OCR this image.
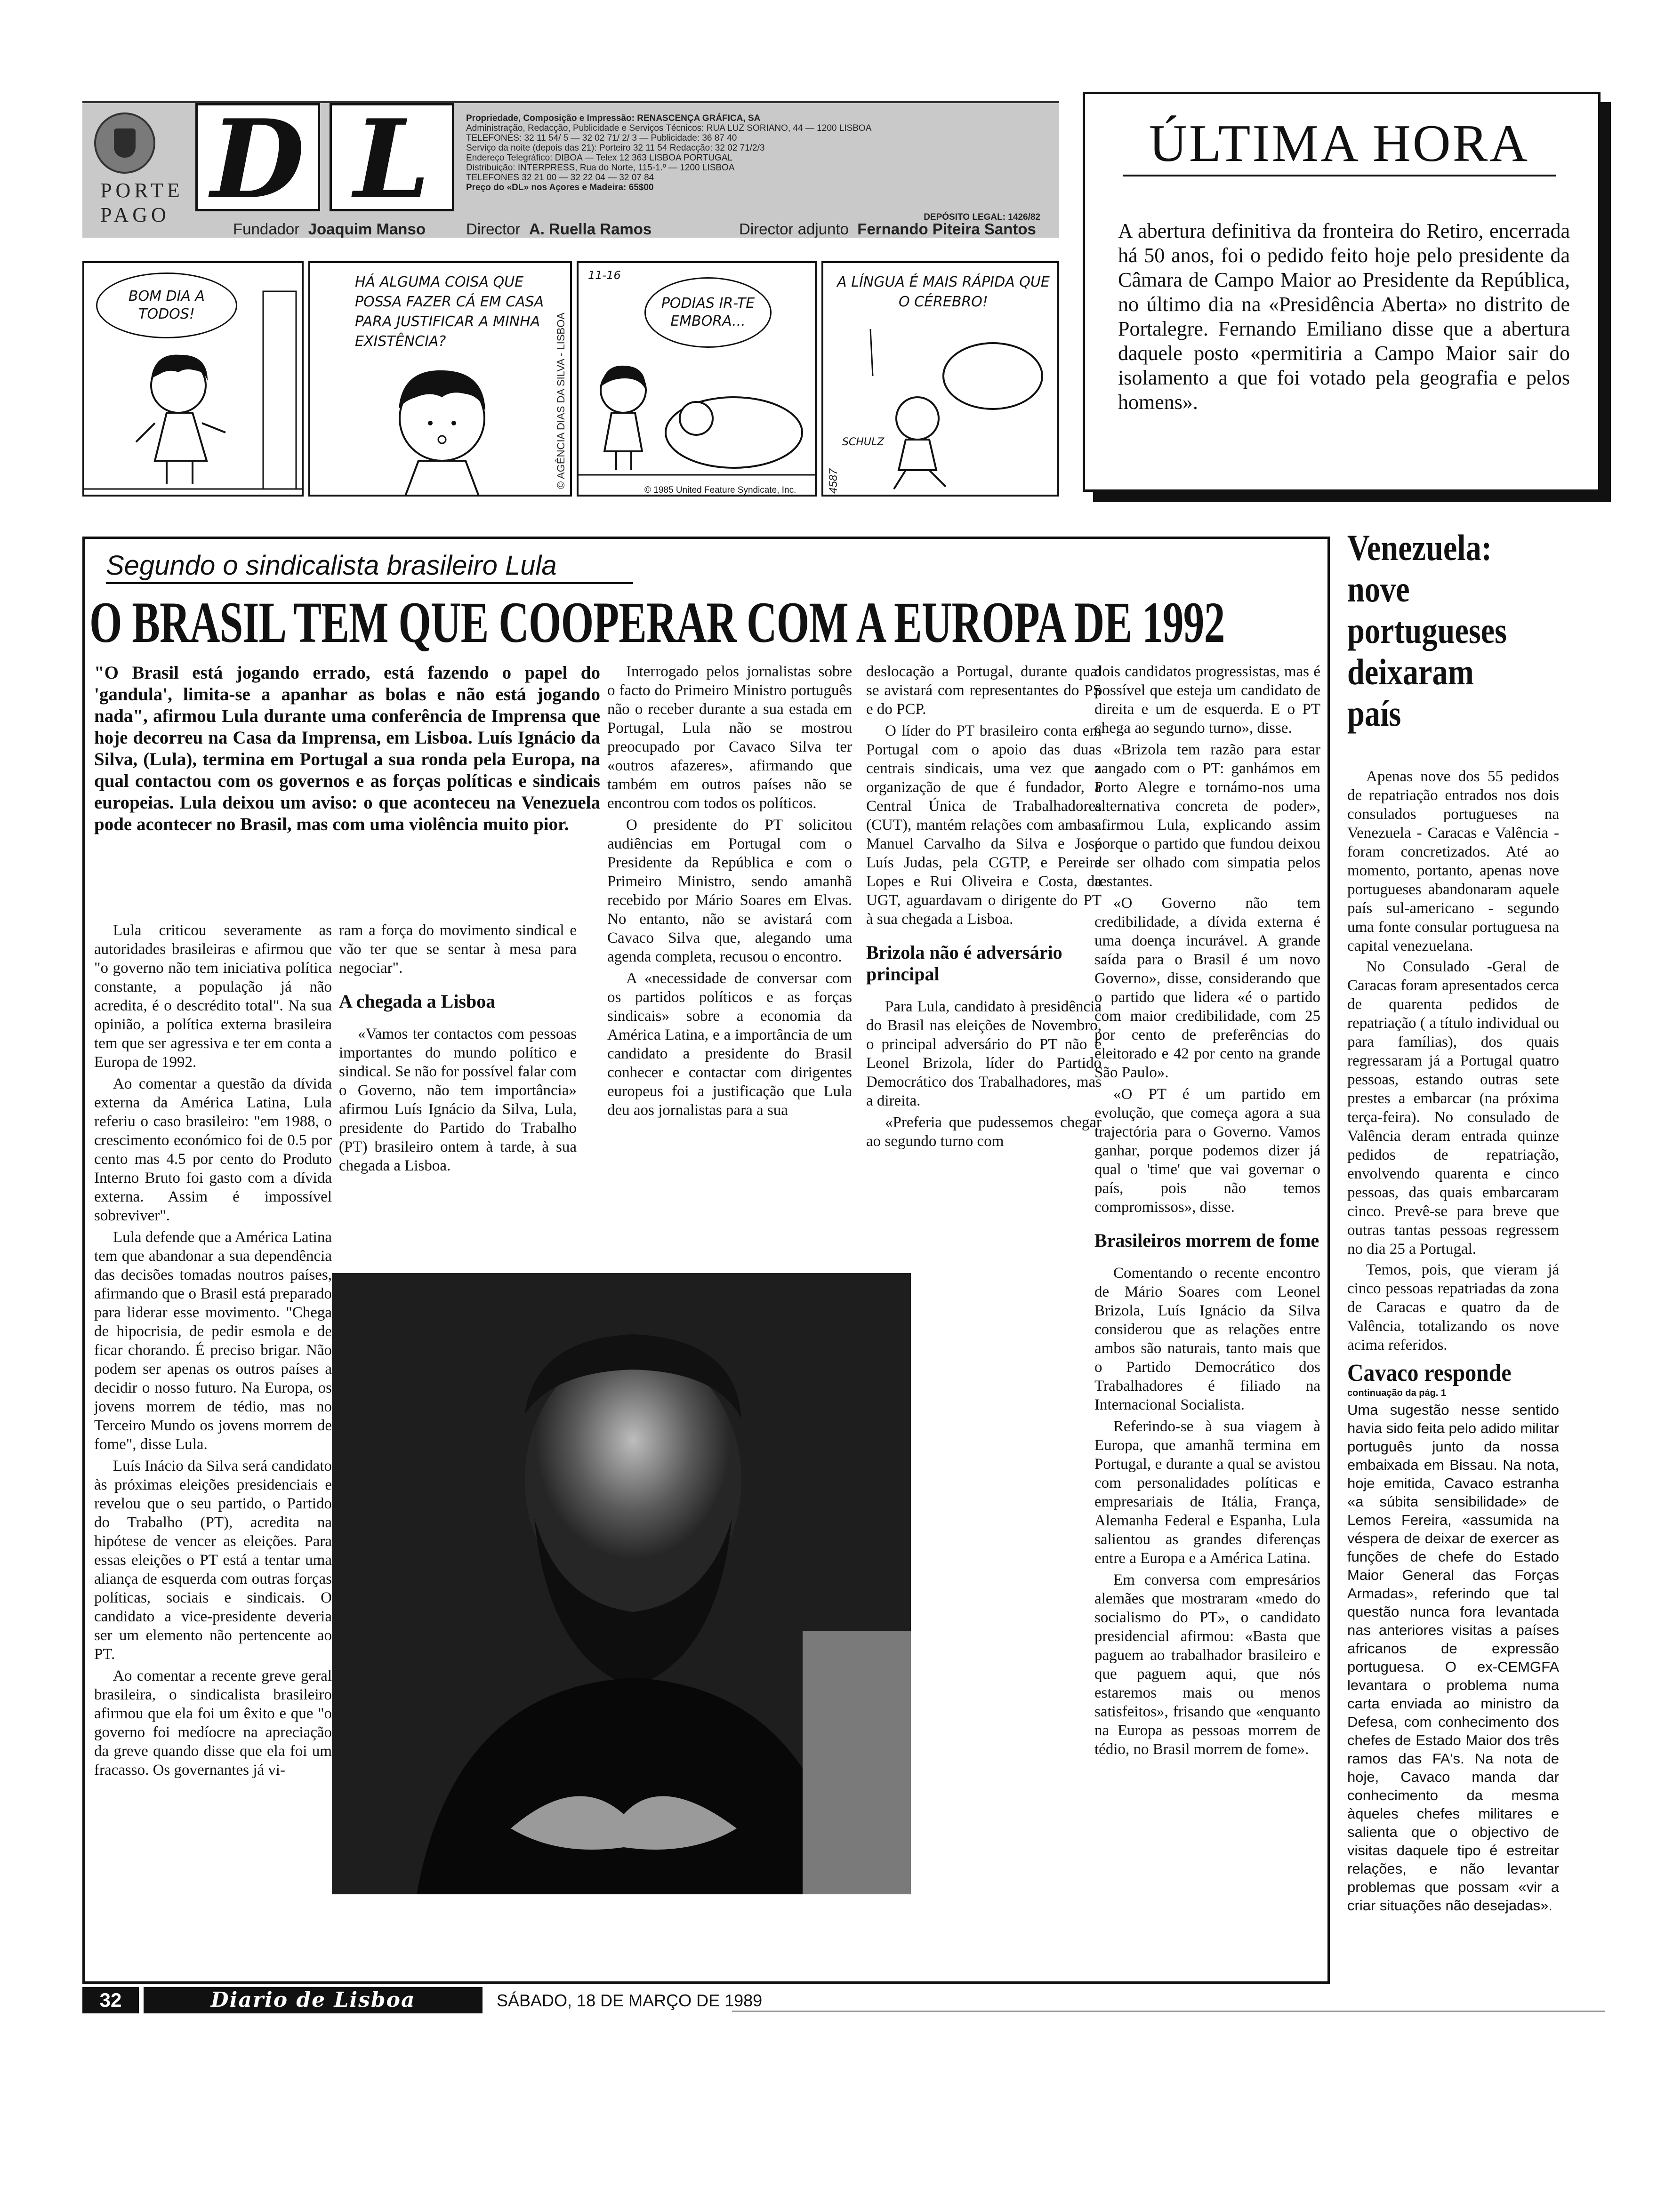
PORTE
PAGO D L	Propriedade, Composição e Impressão: RENASCENÇA GRÁFICA, SA
Administração, Redacção, Publicidade e Serviços Técnicos: RUA LUZ SORIANO, 44 — 1200 LISBOA
TELEFONES: 32 11 54/ 5 — 32 02 71/ 2/ 3 — Publicidade: 36 87 40
Serviço da noite (depois das 21): Porteiro 32 11 54 Redacção: 32 02 71/2/3
Endereço Telegráfico: DIBOA — Telex 12 363 LISBOA PORTUGAL
Distribuição: INTERPRESS, Rua do Norte, 115-1.º — 1200 LISBOA
TELEFONES 32 21 00 — 32 22 04 — 32 07 84
Preço do «DL» nos Açores e Madeira: 65$00
DEPÓSITO LEGAL: 1426/82
Fundador Joaquim Manso	Director A. Ruella Ramos	Director adjunto Fernando Piteira Santos
ÚLTIMA HORA
A abertura definitiva da fronteira do Retiro, encerrada há 50 anos, foi o pedido feito hoje pelo presidente da Câmara de Campo Maior ao Presidente da República, no último dia na «Presidência Aberta» no distrito de Portalegre. Fernando Emiliano disse que a abertura daquele posto «permitiria a Campo Maior sair do isolamento a que foi votado pela geografia e pelos homens».
BOM DIA A TODOS!
HÁ ALGUMA COISA QUE POSSA FAZER CÁ EM CASA PARA JUSTIFICAR A MINHA EXISTÊNCIA?	© AGÊNCIA DIAS DA SILVA - LISBOA
11-16
PODIAS IR-TE EMBORA...
© 1985 United Feature Syndicate, Inc.
A LÍNGUA É MAIS RÁPIDA QUE O CÉREBRO!
4587
SCHULZ
Segundo o sindicalista brasileiro Lula
O BRASIL TEM QUE COOPERAR COM A EUROPA DE 1992
"O Brasil está jogando errado, está fazendo o papel do 'gandula', limita-se a apanhar as bolas e não está jogando nada", afirmou Lula durante uma conferência de Imprensa que hoje decorreu na Casa da Imprensa, em Lisboa. Luís Ignácio da Silva, (Lula), termina em Portugal a sua ronda pela Europa, na qual contactou com os governos e as forças políticas e sindicais europeias. Lula deixou um aviso: o que aconteceu na Venezuela pode acontecer no Brasil, mas com uma violência muito pior.

Lula criticou severamente as autoridades brasileiras e afirmou que "o governo não tem iniciativa política constante, a população já não acredita, é o descrédito total". Na sua opinião, a política externa brasileira tem que ser agressiva e ter em conta a Europa de 1992.

Ao comentar a questão da dívida externa da América Latina, Lula referiu o caso brasileiro: "em 1988, o crescimento económico foi de 0.5 por cento mas 4.5 por cento do Produto Interno Bruto foi gasto com a dívida externa. Assim é impossível sobreviver".

Lula defende que a América Latina tem que abandonar a sua dependência das decisões tomadas noutros países, afirmando que o Brasil está preparado para liderar esse movimento. "Chega de hipocrisia, de pedir esmola e de ficar chorando. É preciso brigar. Não podem ser apenas os outros países a decidir o nosso futuro. Na Europa, os jovens morrem de tédio, mas no Terceiro Mundo os jovens morrem de fome", disse Lula.

Luís Inácio da Silva será candidato às próximas eleições presidenciais e revelou que o seu partido, o Partido do Trabalho (PT), acredita na hipótese de vencer as eleições. Para essas eleições o PT está a tentar uma aliança de esquerda com outras forças políticas, sociais e sindicais. O candidato a vice-presidente deveria ser um elemento não pertencente ao PT.

Ao comentar a recente greve geral brasileira, o sindicalista brasileiro afirmou que ela foi um êxito e que "o governo foi medíocre na apreciação da greve quando disse que ela foi um fracasso. Os governantes já vi-

ram a força do movimento sindical e vão ter que se sentar à mesa para negociar".

A chegada a Lisboa

«Vamos ter contactos com pessoas importantes do mundo político e sindical. Se não for possível falar com o Governo, não tem importância» afirmou Luís Ignácio da Silva, Lula, presidente do Partido do Trabalho (PT) brasileiro ontem à tarde, à sua chegada a Lisboa.

Interrogado pelos jornalistas sobre o facto do Primeiro Ministro português não o receber durante a sua estada em Portugal, Lula não se mostrou preocupado por Cavaco Silva ter «outros afazeres», afirmando que também em outros países não se encontrou com todos os políticos.

O presidente do PT solicitou audiências em Portugal com o Presidente da República e com o Primeiro Ministro, sendo amanhã recebido por Mário Soares em Elvas. No entanto, não se avistará com Cavaco Silva que, alegando uma agenda completa, recusou o encontro.

A «necessidade de conversar com os partidos políticos e as forças sindicais» sobre a economia da América Latina, e a importância de um candidato a presidente do Brasil conhecer e contactar com dirigentes europeus foi a justificação que Lula deu aos jornalistas para a sua

deslocação a Portugal, durante qual se avistará com representantes do PS e do PCP.

O líder do PT brasileiro conta em Portugal com o apoio das duas centrais sindicais, uma vez que a organização de que é fundador, a Central Única de Trabalhadores (CUT), mantém relações com ambas. Manuel Carvalho da Silva e José Luís Judas, pela CGTP, e Pereira Lopes e Rui Oliveira e Costa, da UGT, aguardavam o dirigente do PT à sua chegada a Lisboa.

Brizola não é adversário principal

Para Lula, candidato à presidência do Brasil nas eleições de Novembro, o principal adversário do PT não é Leonel Brizola, líder do Partido Democrático dos Trabalhadores, mas a direita.

«Preferia que pudessemos chegar ao segundo turno com

dois candidatos progressistas, mas é possível que esteja um candidato de direita e um de esquerda. E o PT chega ao segundo turno», disse.

«Brizola tem razão para estar zangado com o PT: ganhámos em Porto Alegre e tornámo-nos uma alternativa concreta de poder», afirmou Lula, explicando assim porque o partido que fundou deixou de ser olhado com simpatia pelos restantes.

«O Governo não tem credibilidade, a dívida externa é uma doença incurável. A grande saída para o Brasil é um novo Governo», disse, considerando que o partido que lidera «é o partido com maior credibilidade, com 25 por cento de preferências do eleitorado e 42 por cento na grande São Paulo».

«O PT é um partido em evolução, que começa agora a sua trajectória para o Governo. Vamos ganhar, porque podemos dizer já qual o 'time' que vai governar o país, pois não temos compromissos», disse.

Brasileiros morrem de fome

Comentando o recente encontro de Mário Soares com Leonel Brizola, Luís Ignácio da Silva considerou que as relações entre ambos são naturais, tanto mais que o Partido Democrático dos Trabalhadores é filiado na Internacional Socialista.

Referindo-se à sua viagem à Europa, que amanhã termina em Portugal, e durante a qual se avistou com personalidades políticas e empresariais de Itália, França, Alemanha Federal e Espanha, Lula salientou as grandes diferenças entre a Europa e a América Latina.

Em conversa com empresários alemães que mostraram «medo do socialismo do PT», o candidato presidencial afirmou: «Basta que paguem ao trabalhador brasileiro e que paguem aqui, que nós estaremos mais ou menos satisfeitos», frisando que «enquanto na Europa as pessoas morrem de tédio, no Brasil morrem de fome».

Venezuela: nove portugueses deixaram país

Apenas nove dos 55 pedidos de repatriação entrados nos dois consulados portugueses na Venezuela - Caracas e Valência - foram concretizados. Até ao momento, portanto, apenas nove portugueses abandonaram aquele país sul-americano - segundo uma fonte consular portuguesa na capital venezuelana.

No Consulado -Geral de Caracas foram apresentados cerca de quarenta pedidos de repatriação ( a título individual ou para famílias), dos quais regressaram já a Portugal quatro pessoas, estando outras sete prestes a embarcar (na próxima terça-feira). No consulado de Valência deram entrada quinze pedidos de repatriação, envolvendo quarenta e cinco pessoas, das quais embarcaram cinco. Prevê-se para breve que outras tantas pessoas regressem no dia 25 a Portugal.

Temos, pois, que vieram já cinco pessoas repatriadas da zona de Caracas e quatro da de Valência, totalizando os nove acima referidos.

Cavaco responde
continuação da pág. 1

Uma sugestão nesse sentido havia sido feita pelo adido militar português junto da nossa embaixada em Bissau. Na nota, hoje emitida, Cavaco estranha «a súbita sensibilidade» de Lemos Fereira, «assumida na véspera de deixar de exercer as funções de chefe do Estado Maior General das Forças Armadas», referindo que tal questão nunca fora levantada nas anteriores visitas a países africanos de expressão portuguesa. O ex-CEMGFA levantara o problema numa carta enviada ao ministro da Defesa, com conhecimento dos chefes de Estado Maior dos três ramos das FA's. Na nota de hoje, Cavaco manda dar conhecimento da mesma àqueles chefes militares e salienta que o objectivo de visitas daquele tipo é estreitar relações, e não levantar problemas que possam «vir a criar situações não desejadas».

32	Diario de Lisboa	SÁBADO, 18 DE MARÇO DE 1989
